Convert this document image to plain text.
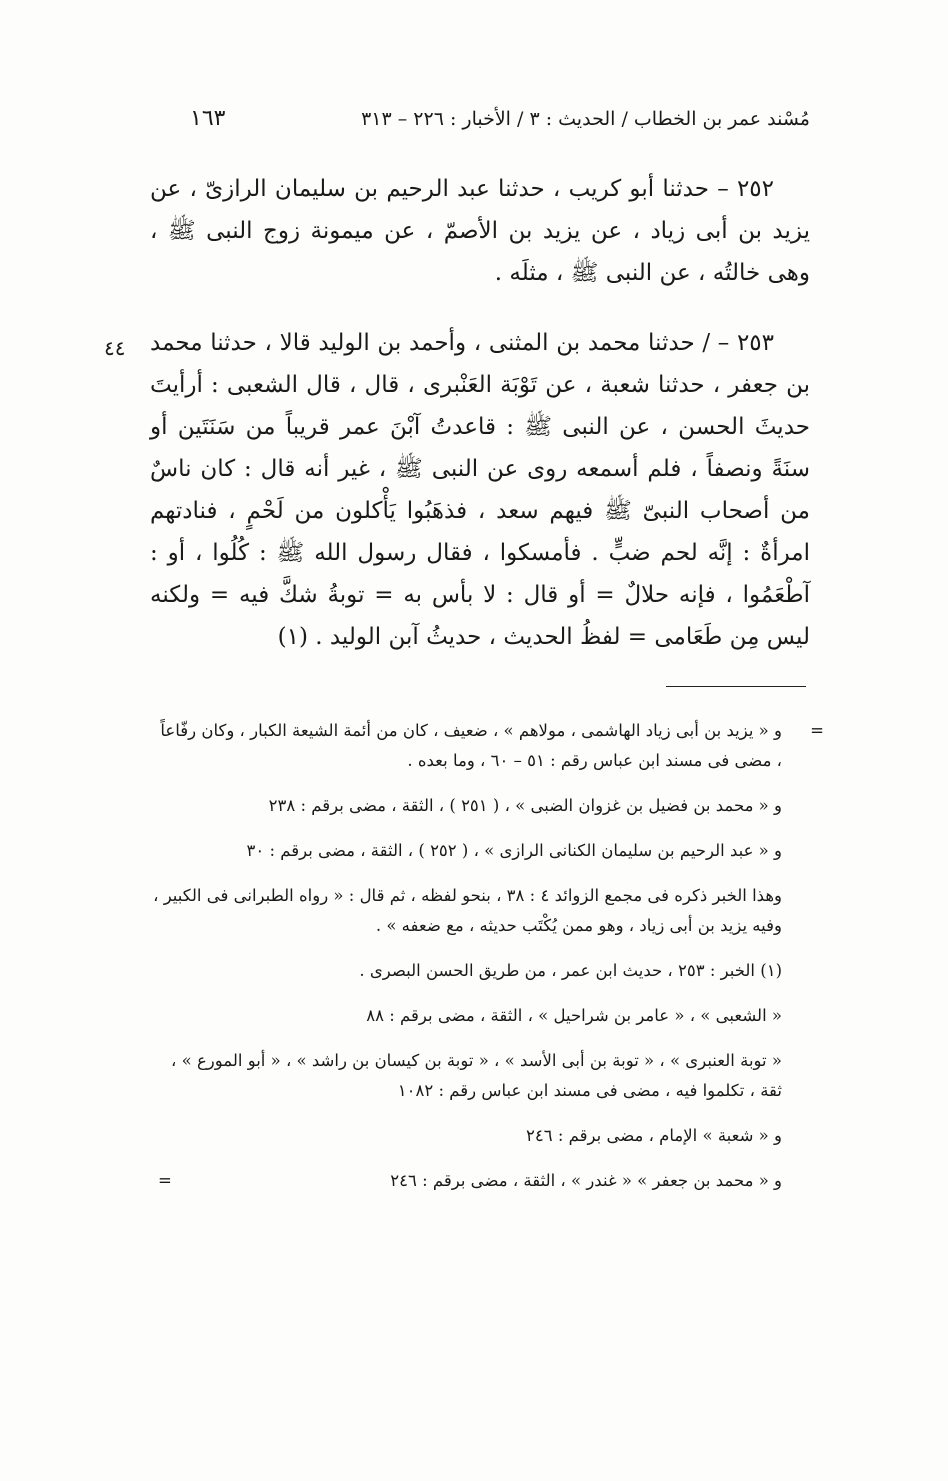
مُسْند عمر بن الخطاب / الحديث : ٣ / الأخبار : ٢٢٦ – ٣١٣
١٦٣
٤٤

٢٥٢ – حدثنا أبو كريب ، حدثنا عبد الرحيم بن سليمان الرازىّ ، عن يزيد بن أبى زياد ، عن يزيد بن الأصمّ ، عن ميمونة زوج النبى ﷺ ، وهى خالتُه ، عن النبى ﷺ ، مثلَه .

٢٥٣ – / حدثنا محمد بن المثنى ، وأحمد بن الوليد قالا ، حدثنا محمد بن جعفر ، حدثنا شعبة ، عن تَوْبَة العَنْبرى ، قال ، قال الشعبى : أرأيتَ حديثَ الحسن ، عن النبى ﷺ : قاعدتُ آبْنَ عمر قريباً من سَنَتَين أو سنَةً ونصفاً ، فلم أسمعه روى عن النبى ﷺ ، غير أنه قال : كان ناسٌ من أصحاب النبىّ ﷺ فيهم سعد ، فذهَبُوا يَأْكلون من لَحْمٍ ، فنادتهم امرأةٌ : إنَّه لحم ضبٍّ . فأمسكوا ، فقال رسول الله ﷺ : كُلُوا ، أو : آطْعَمُوا ، فإنه حلالٌ = أو قال : لا بأس به = توبةُ شكَّ فيه = ولكنه ليس مِن طَعَامى = لفظُ الحديث ، حديثُ آبن الوليد . (١)

=
و « يزيد بن أبى زياد الهاشمى ، مولاهم » ، ضعيف ، كان من أئمة الشيعة الكبار ، وكان رفّاعاً ، مضى فى مسند ابن عباس رقم : ٥١ – ٦٠ ، وما بعده .

و « محمد بن فضيل بن غزوان الضبى » ، ( ٢٥١ ) ، الثقة ، مضى برقم : ٢٣٨

و « عبد الرحيم بن سليمان الكنانى الرازى » ، ( ٢٥٢ ) ، الثقة ، مضى برقم : ٣٠

وهذا الخبر ذكره فى مجمع الزوائد ٤ : ٣٨ ، بنحو لفظه ، ثم قال : « رواه الطبرانى فى الكبير ، وفيه يزيد بن أبى زياد ، وهو ممن يُكْتَب حديثه ، مع ضعفه » .

(١) الخبر : ٢٥٣ ، حديث ابن عمر ، من طريق الحسن البصرى .

« الشعبى » ، « عامر بن شراحيل » ، الثقة ، مضى برقم : ٨٨

« توبة العنبرى » ، « توبة بن أبى الأسد » ، « توبة بن كيسان بن راشد » ، « أبو المورع » ، ثقة ، تكلموا فيه ، مضى فى مسند ابن عباس رقم : ١٠٨٢

و « شعبة » الإمام ، مضى برقم : ٢٤٦

و « محمد بن جعفر » « غندر » ، الثقة ، مضى برقم : ٢٤٦
=
